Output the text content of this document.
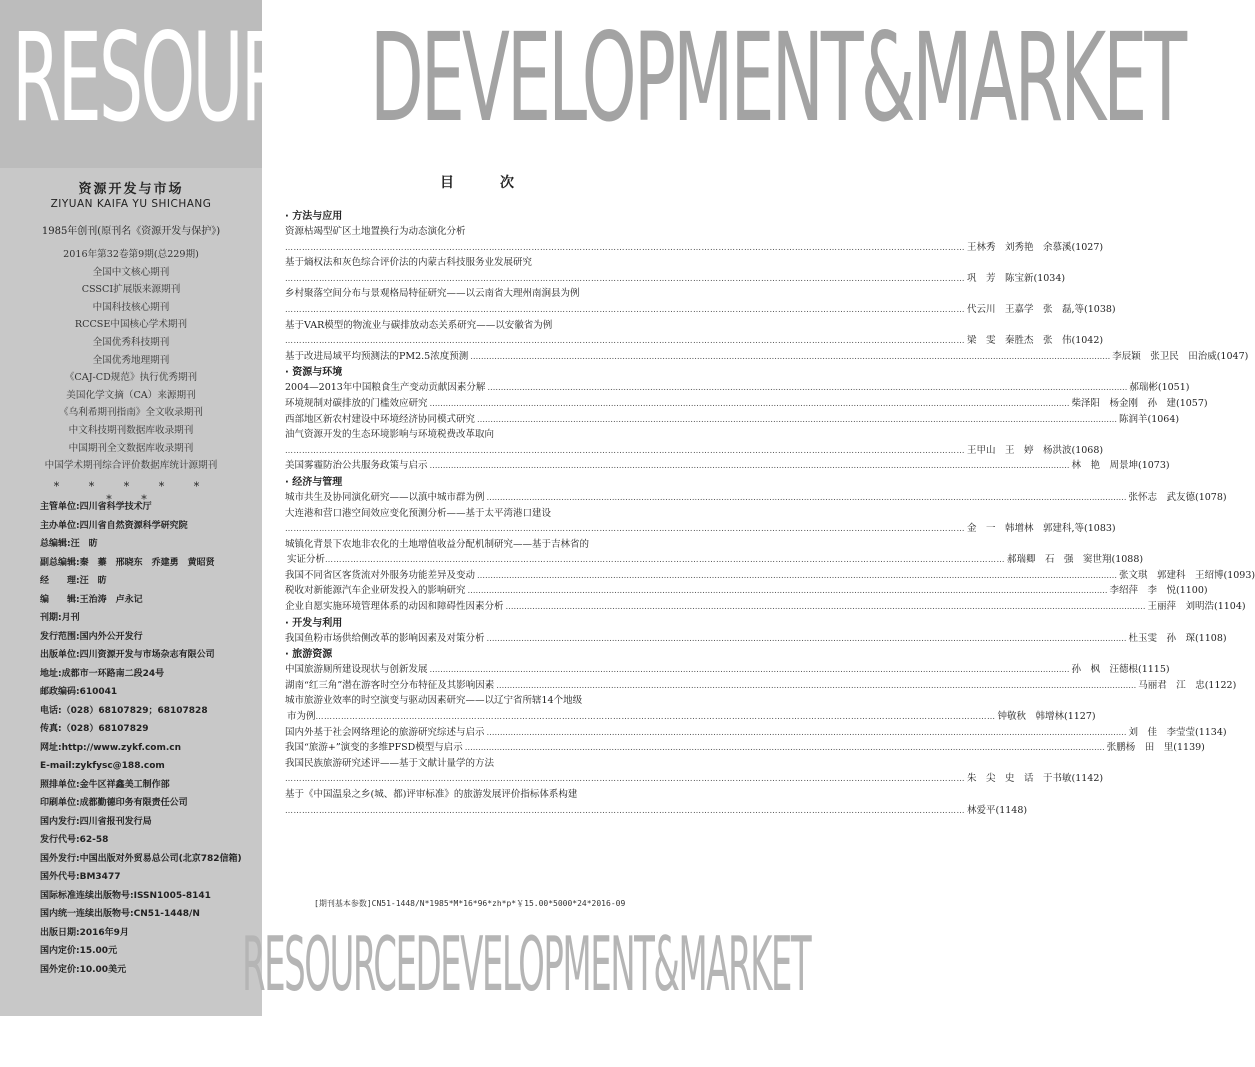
RESOURCEDEVELOPMENT&MARKET
资源开发与市场
ZIYUAN KAIFA YU SHICHANG
1985年创刊(原刊名《资源开发与保护》)
2016年第32卷第9期(总229期)
全国中文核心期刊
CSSCI扩展版来源期刊
中国科技核心期刊
RCCSE中国核心学术期刊
全国优秀科技期刊
全国优秀地理期刊
《CAJ-CD规范》执行优秀期刊
美国化学文摘（CA）来源期刊
《乌利希期刊指南》全文收录期刊
中文科技期刊数据库收录期刊
中国期刊全文数据库收录期刊
中国学术期刊综合评价数据库统计源期刊
* * * * * * *
主管单位:四川省科学技术厅
主办单位:四川省自然资源科学研究院
总编辑:汪　昉
副总编辑:秦　蓁　邢晓东　乔建勇　黄昭贤
经　　理:汪　昉
编　　辑:王治涛　卢永记
刊期:月刊
发行范围:国内外公开发行
出版单位:四川资源开发与市场杂志有限公司
地址:成都市一环路南二段24号
邮政编码:610041
电话:（028）68107829；68107828
传真:（028）68107829
网址:http://www.zykf.com.cn
E-mail:zykfysc@188.com
照排单位:金牛区祥鑫美工制作部
印刷单位:成都勤德印务有限责任公司
国内发行:四川省报刊发行局
发行代号:62-58
国外发行:中国出版对外贸易总公司(北京782信箱)
国外代号:BM3477
国际标准连续出版物号:ISSN1005-8141
国内统一连续出版物号:CN51-1448/N
出版日期:2016年9月
国内定价:15.00元
国外定价:10.00美元
目　次
· 方法与应用
资源枯竭型矿区土地置换行为动态演化分析
…………………………………………………………………………………………………………………………………………………………………………………………………………………… 王林秀　刘秀艳　余慕溪(1027)
基于熵权法和灰色综合评价法的内蒙古科技服务业发展研究
…………………………………………………………………………………………………………………………………………………………………………………………………………………… 巩　芳　陈宝新(1034)
乡村聚落空间分布与景观格局特征研究——以云南省大理州南涧县为例
…………………………………………………………………………………………………………………………………………………………………………………………………………………… 代云川　王嘉学　张　磊,等(1038)
基于VAR模型的物流业与碳排放动态关系研究——以安徽省为例
…………………………………………………………………………………………………………………………………………………………………………………………………………………… 梁　雯　秦胜杰　张　伟(1042)
基于改进局域平均预测法的PM2.5浓度预测 …………………………………………………………………………………………………………………………………………………………………………………………………………………… 李辰颖　张卫民　田治威(1047)
· 资源与环境
2004—2013年中国粮食生产变动贡献因素分解 …………………………………………………………………………………………………………………………………………………………………………………………………………………… 郝瑞彬(1051)
环境规制对碳排放的门槛效应研究 …………………………………………………………………………………………………………………………………………………………………………………………………………………… 柴泽阳　杨金刚　孙　建(1057)
西部地区新农村建设中环境经济协同模式研究 …………………………………………………………………………………………………………………………………………………………………………………………………………………… 陈润羊(1064)
油气资源开发的生态环境影响与环境税费改革取向
…………………………………………………………………………………………………………………………………………………………………………………………………………………… 王甲山　王　婷　杨洪波(1068)
美国雾霾防治公共服务政策与启示 …………………………………………………………………………………………………………………………………………………………………………………………………………………… 林　艳　周景坤(1073)
· 经济与管理
城市共生及协同演化研究——以滇中城市群为例 …………………………………………………………………………………………………………………………………………………………………………………………………………………… 张怀志　武友德(1078)
大连港和营口港空间效应变化预测分析——基于太平湾港口建设
…………………………………………………………………………………………………………………………………………………………………………………………………………………… 金　一　韩增林　郭建科,等(1083)
城镇化背景下农地非农化的土地增值收益分配机制研究——基于吉林省的
实证分析 …………………………………………………………………………………………………………………………………………………………………………………………………………………… 郝瑞卿　石　强　窦世翔(1088)
我国不同省区客货流对外服务功能差异及变动 …………………………………………………………………………………………………………………………………………………………………………………………………………………… 张文琪　郭建科　王绍博(1093)
税收对新能源汽车企业研发投入的影响研究 …………………………………………………………………………………………………………………………………………………………………………………………………………………… 李绍萍　李　悦(1100)
企业自愿实施环境管理体系的动因和障碍性因素分析 …………………………………………………………………………………………………………………………………………………………………………………………………………………… 王丽萍　刘明浩(1104)
· 开发与利用
我国鱼粉市场供给侧改革的影响因素及对策分析 …………………………………………………………………………………………………………………………………………………………………………………………………………………… 杜玉雯　孙　琛(1108)
· 旅游资源
中国旅游厕所建设现状与创新发展 …………………………………………………………………………………………………………………………………………………………………………………………………………………… 孙　枫　汪德根(1115)
湖南“红三角”潜在游客时空分布特征及其影响因素 …………………………………………………………………………………………………………………………………………………………………………………………………………………… 马丽君　江　忠(1122)
城市旅游业效率的时空演变与驱动因素研究——以辽宁省所辖14个地级
市为例 …………………………………………………………………………………………………………………………………………………………………………………………………………………… 钟敬秋　韩增林(1127)
国内外基于社会网络理论的旅游研究综述与启示 …………………………………………………………………………………………………………………………………………………………………………………………………………………… 刘　佳　李莹莹(1134)
我国“旅游+”演变的多维PFSD模型与启示 …………………………………………………………………………………………………………………………………………………………………………………………………………………… 张鹏杨　田　里(1139)
我国民族旅游研究述评——基于文献计量学的方法
…………………………………………………………………………………………………………………………………………………………………………………………………………………… 朱　尖　史　话　于书敏(1142)
基于《中国温泉之乡(城、都)评审标准》的旅游发展评价指标体系构建
…………………………………………………………………………………………………………………………………………………………………………………………………………………… 林爱平(1148)
[期刊基本参数]CN51-1448/N*1985*M*16*96*zh*p*￥15.00*5000*24*2016-09
RESOURCEDEVELOPMENT&MARKET
